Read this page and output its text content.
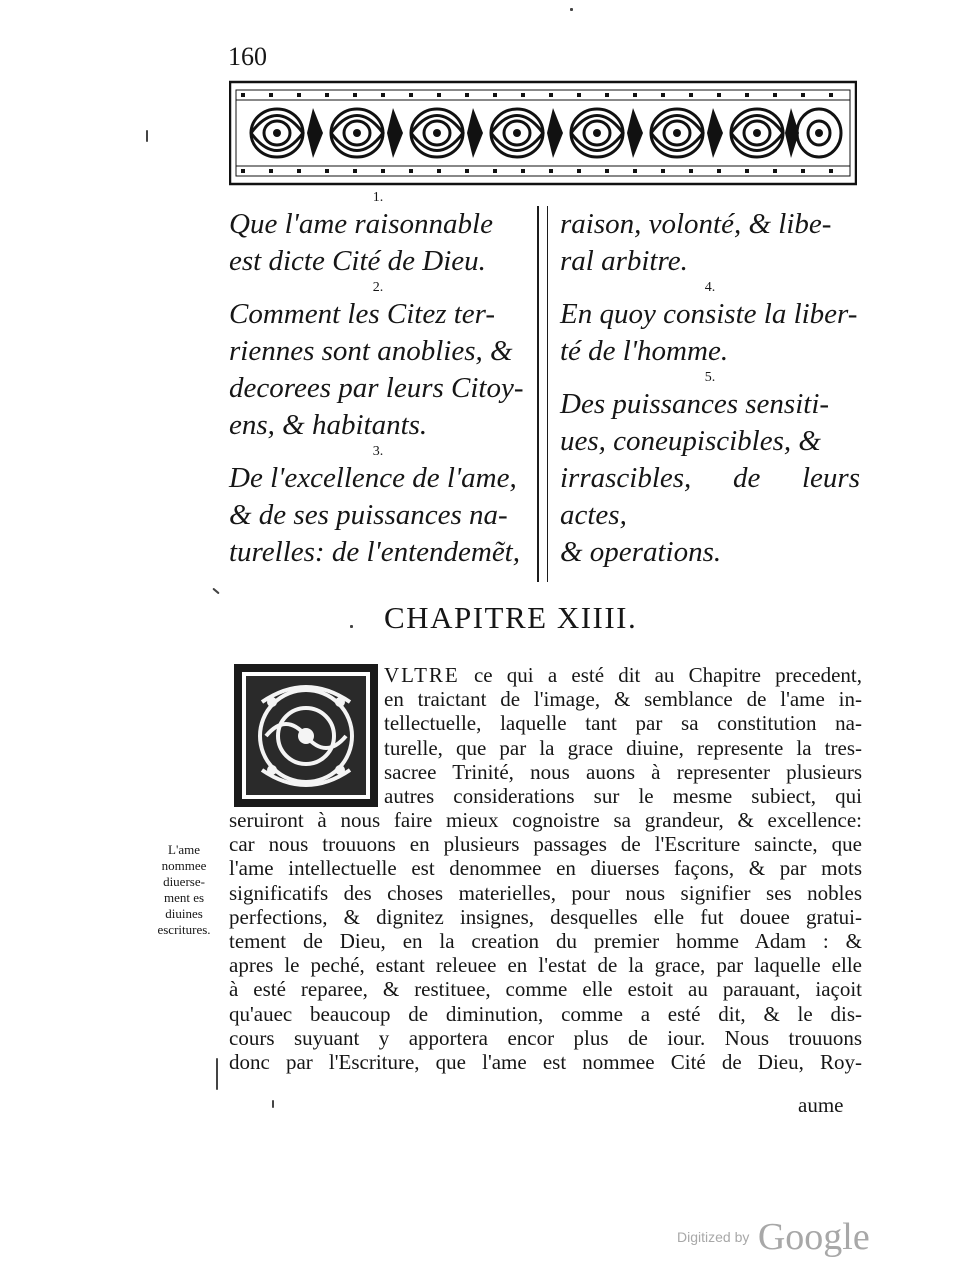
160
1.
Que l'ame raisonnable
est dicte Cité de Dieu.
2.
Comment les Citez ter-
riennes sont anoblies, &
decorees par leurs Citoy-
ens, & habitants.
3.
De l'excellence de l'ame,
& de ses puissances na-
turelles: de l'entendemẽt,
raison, volonté, & libe-
ral arbitre.
4.
En quoy consiste la liber-
té de l'homme.
5.
Des puissances sensiti-
ues, coneupiscibles, &
irrascibles, de leurs actes,
& operations.
CHAPITRE XIIII.
VLTRE ce qui a esté dit au Chapitre precedent,
en traictant de l'image, & semblance de l'ame in-
tellectuelle, laquelle tant par sa constitution na-
turelle, que par la grace diuine, represente la tres-
sacree Trinité, nous auons à representer plusieurs
autres considerations sur le mesme subiect, qui
seruiront à nous faire mieux cognoistre sa grandeur, & excellence:
car nous trouuons en plusieurs passages de l'Escriture saincte, que
l'ame intellectuelle est denommee en diuerses façons, & par mots
significatifs des choses materielles, pour nous signifier ses nobles
perfections, & dignitez insignes, desquelles elle fut douee gratui-
tement de Dieu, en la creation du premier homme Adam : &
apres le peché, estant releuee en l'estat de la grace, par laquelle elle
à esté reparee, & restituee, comme elle estoit au parauant, iaçoit
qu'auec beaucoup de diminution, comme a esté dit, & le dis-
cours suyuant y apportera encor plus de iour. Nous trouuons
donc par l'Escriture, que l'ame est nommee Cité de Dieu, Roy-
aume
L'ame
nommee
diuerse-
ment es
diuines
escritures.
Digitized by Google
